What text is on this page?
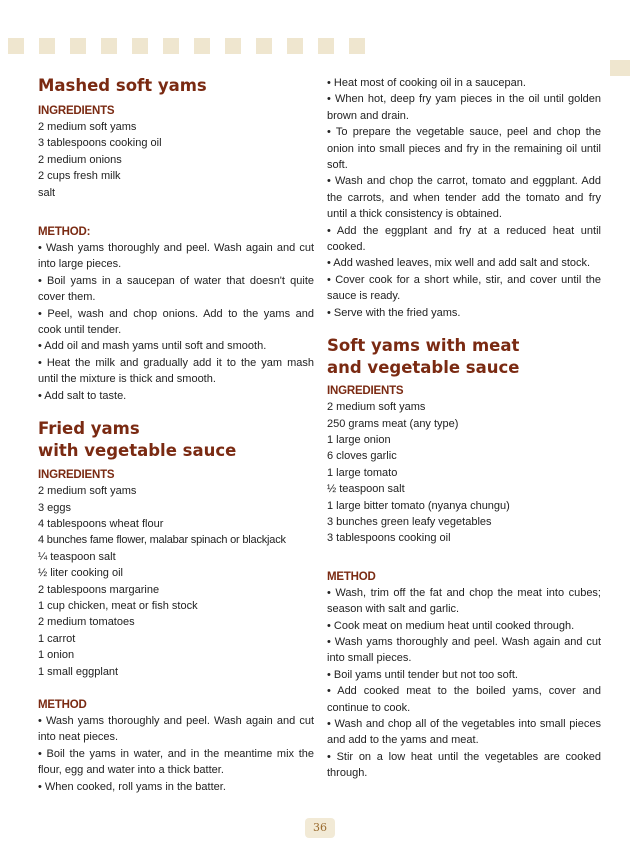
Mashed soft yams

INGREDIENTS

2 medium soft yams

3 tablespoons cooking oil

2 medium onions

2 cups fresh milk

salt

METHOD:

• Wash yams thoroughly and peel. Wash again and cut into large pieces.

• Boil yams in a saucepan of water that doesn't quite cover them.

• Peel, wash and chop onions. Add to the yams and cook until tender.

• Add oil and mash yams until soft and smooth.

• Heat the milk and gradually add it to the yam mash until the mixture is thick and smooth.

• Add salt to taste.

Fried yams
with vegetable sauce

INGREDIENTS

2 medium soft yams

3 eggs

4 tablespoons wheat flour

4 bunches fame flower, malabar spinach or blackjack

¼ teaspoon salt

½ liter cooking oil

2 tablespoons margarine

1 cup chicken, meat or fish stock

2 medium tomatoes

1 carrot

1 onion

1 small eggplant

METHOD

• Wash yams thoroughly and peel. Wash again and cut into neat pieces.

• Boil the yams in water, and in the meantime mix the flour, egg and water into a thick batter.

• When cooked, roll yams in the batter.

• Heat most of cooking oil in a saucepan.

• When hot, deep fry yam pieces in the oil until golden brown and drain.

• To prepare the vegetable sauce, peel and chop the onion into small pieces and fry in the remaining oil until soft.

• Wash and chop the carrot, tomato and eggplant. Add the carrots, and when tender add the tomato and fry until a thick consistency is obtained.

• Add the eggplant and fry at a reduced heat until cooked.

• Add washed leaves, mix well and add salt and stock.

• Cover cook for a short while, stir, and cover until the sauce is ready.

• Serve with the fried yams.

Soft yams with meat
and vegetable sauce

INGREDIENTS

2 medium soft yams

250 grams meat (any type)

1 large onion

6 cloves garlic

1 large tomato

½ teaspoon salt

1 large bitter tomato (nyanya chungu)

3 bunches green leafy vegetables

3 tablespoons cooking oil

METHOD

• Wash, trim off the fat and chop the meat into cubes; season with salt and garlic.

• Cook meat on medium heat until cooked through.

• Wash yams thoroughly and peel. Wash again and cut into small pieces.

• Boil yams until tender but not too soft.

• Add cooked meat to the boiled yams, cover and continue to cook.

• Wash and chop all of the vegetables into small pieces and add to the yams and meat.

• Stir on a low heat until the vegetables are cooked through.

36
